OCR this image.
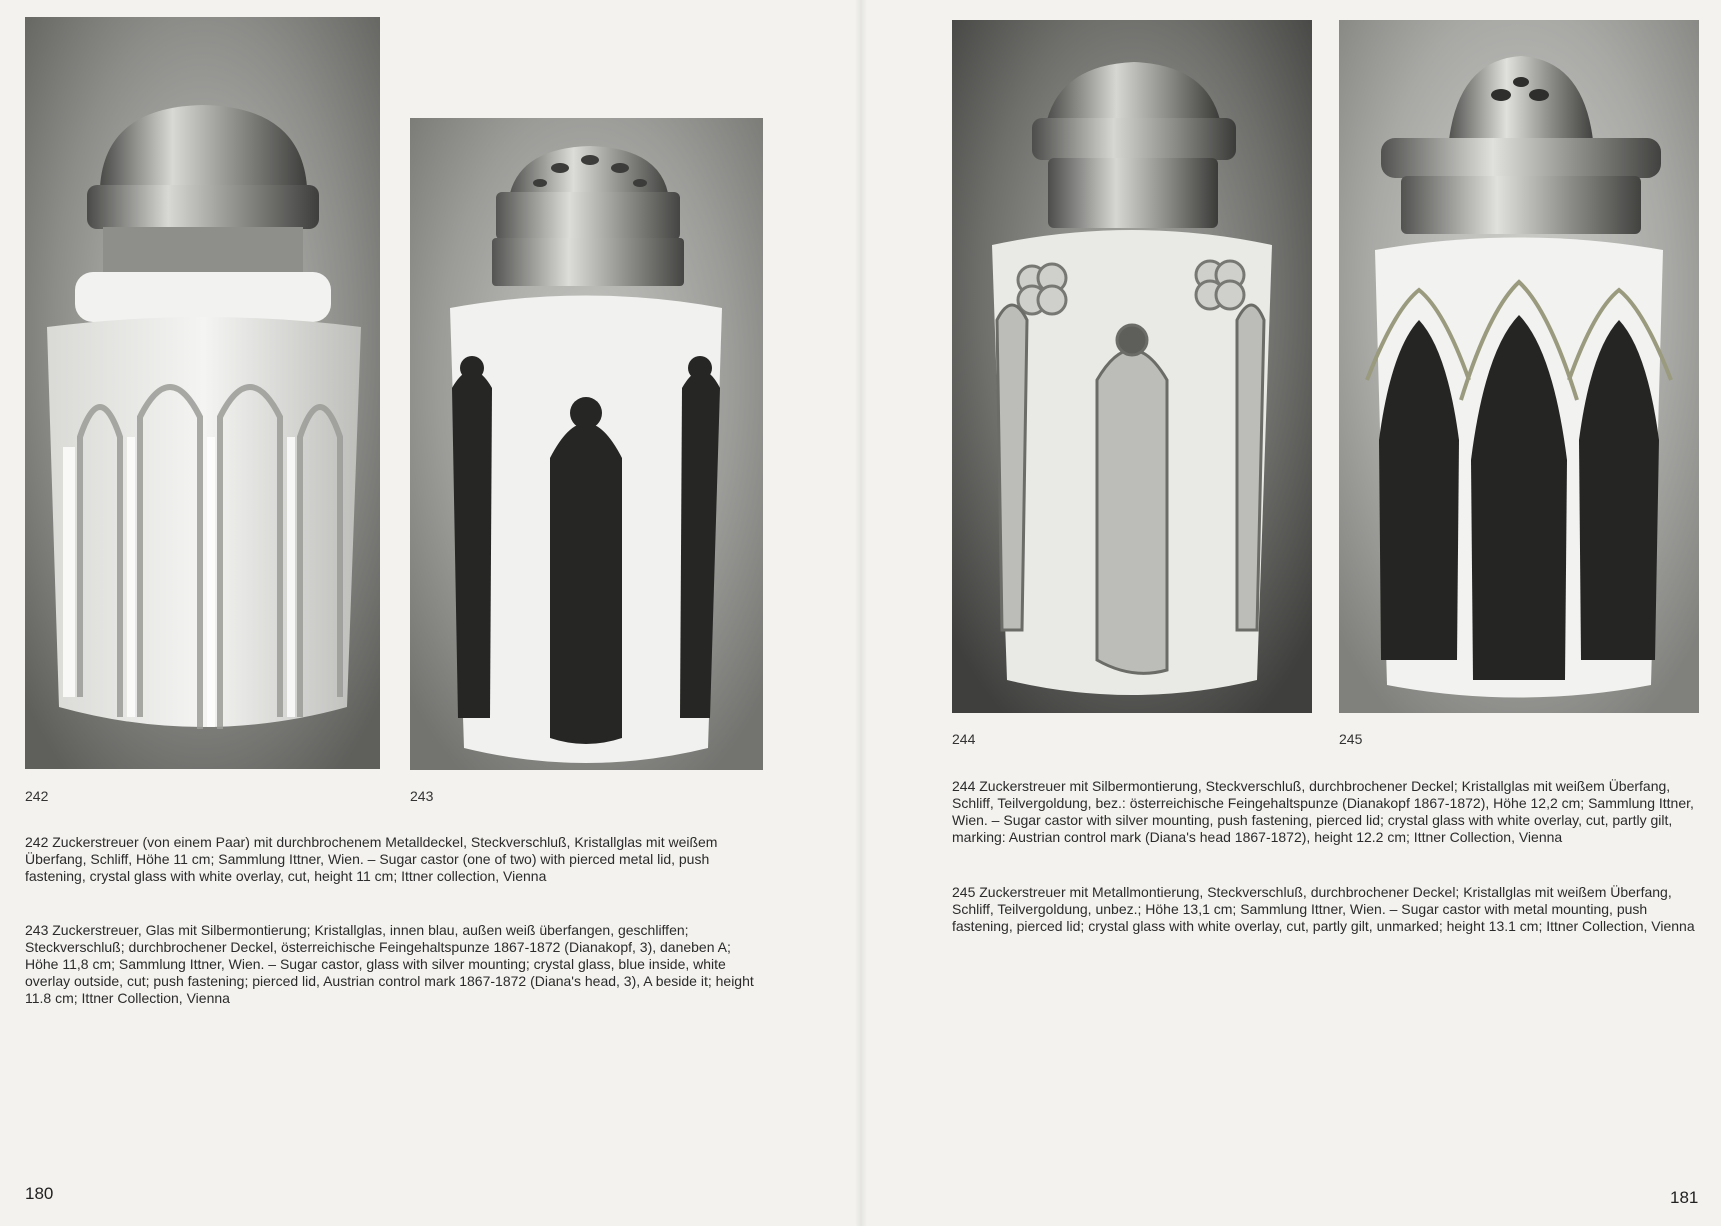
242	243
244	245

242 Zuckerstreuer (von einem Paar) mit durchbrochenem Metalldeckel, Steckverschluß, Kristallglas mit weißem Überfang, Schliff, Höhe 11 cm; Sammlung Ittner, Wien. – Sugar castor (one of two) with pierced metal lid, push fastening, crystal glass with white overlay, cut, height 11 cm; Ittner collection, Vienna

243 Zuckerstreuer, Glas mit Silbermontierung; Kristallglas, innen blau, außen weiß überfangen, geschliffen; Steckverschluß; durchbrochener Deckel, österreichische Feingehaltspunze 1867-1872 (Dianakopf, 3), daneben A; Höhe 11,8 cm; Sammlung Ittner, Wien. – Sugar castor, glass with silver mounting; crystal glass, blue inside, white overlay outside, cut; push fastening; pierced lid, Austrian control mark 1867-1872 (Diana's head, 3), A beside it; height 11.8 cm; Ittner Collection, Vienna

244 Zuckerstreuer mit Silbermontierung, Steckverschluß, durchbrochener Deckel; Kristallglas mit weißem Überfang, Schliff, Teilvergoldung, bez.: österreichische Feingehaltspunze (Dianakopf 1867-1872), Höhe 12,2 cm; Sammlung Ittner, Wien. – Sugar castor with silver mounting, push fastening, pierced lid; crystal glass with white overlay, cut, partly gilt, marking: Austrian control mark (Diana's head 1867-1872), height 12.2 cm; Ittner Collection, Vienna

245 Zuckerstreuer mit Metallmontierung, Steckverschluß, durchbrochener Deckel; Kristallglas mit weißem Überfang, Schliff, Teilvergoldung, unbez.; Höhe 13,1 cm; Sammlung Ittner, Wien. – Sugar castor with metal mounting, push fastening, pierced lid; crystal glass with white overlay, cut, partly gilt, unmarked; height 13.1 cm; Ittner Collection, Vienna

180	181
